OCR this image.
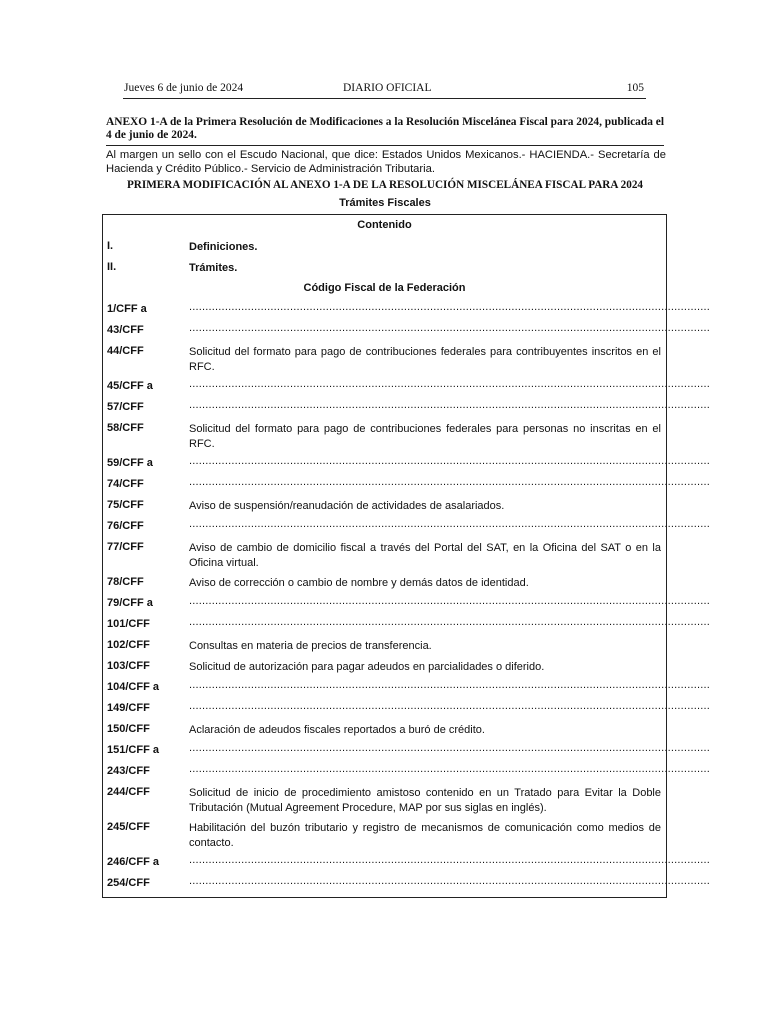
Jueves 6 de junio de 2024	DIARIO OFICIAL	105
ANEXO 1-A de la Primera Resolución de Modificaciones a la Resolución Miscelánea Fiscal para 2024, publicada el 4 de junio de 2024.
Al margen un sello con el Escudo Nacional, que dice: Estados Unidos Mexicanos.- HACIENDA.- Secretaría de Hacienda y Crédito Público.- Servicio de Administración Tributaria.
PRIMERA MODIFICACIÓN AL ANEXO 1-A DE LA RESOLUCIÓN MISCELÁNEA FISCAL PARA 2024
Trámites Fiscales
Contenido
I.	Definiciones.
II.	Trámites.
Código Fiscal de la Federación
1/CFF a	................................................................................................................................................................
43/CFF	................................................................................................................................................................
44/CFF	Solicitud del formato para pago de contribuciones federales para contribuyentes inscritos en el RFC.
45/CFF a	................................................................................................................................................................
57/CFF	................................................................................................................................................................
58/CFF	Solicitud del formato para pago de contribuciones federales para personas no inscritas en el RFC.
59/CFF a	................................................................................................................................................................
74/CFF	................................................................................................................................................................
75/CFF	Aviso de suspensión/reanudación de actividades de asalariados.
76/CFF	................................................................................................................................................................
77/CFF	Aviso de cambio de domicilio fiscal a través del Portal del SAT, en la Oficina del SAT o en la Oficina virtual.
78/CFF	Aviso de corrección o cambio de nombre y demás datos de identidad.
79/CFF a	................................................................................................................................................................
101/CFF	................................................................................................................................................................
102/CFF	Consultas en materia de precios de transferencia.
103/CFF	Solicitud de autorización para pagar adeudos en parcialidades o diferido.
104/CFF a	................................................................................................................................................................
149/CFF	................................................................................................................................................................
150/CFF	Aclaración de adeudos fiscales reportados a buró de crédito.
151/CFF a	................................................................................................................................................................
243/CFF	................................................................................................................................................................
244/CFF	Solicitud de inicio de procedimiento amistoso contenido en un Tratado para Evitar la Doble Tributación (Mutual Agreement Procedure, MAP por sus siglas en inglés).
245/CFF	Habilitación del buzón tributario y registro de mecanismos de comunicación como medios de contacto.
246/CFF a	................................................................................................................................................................
254/CFF	................................................................................................................................................................
